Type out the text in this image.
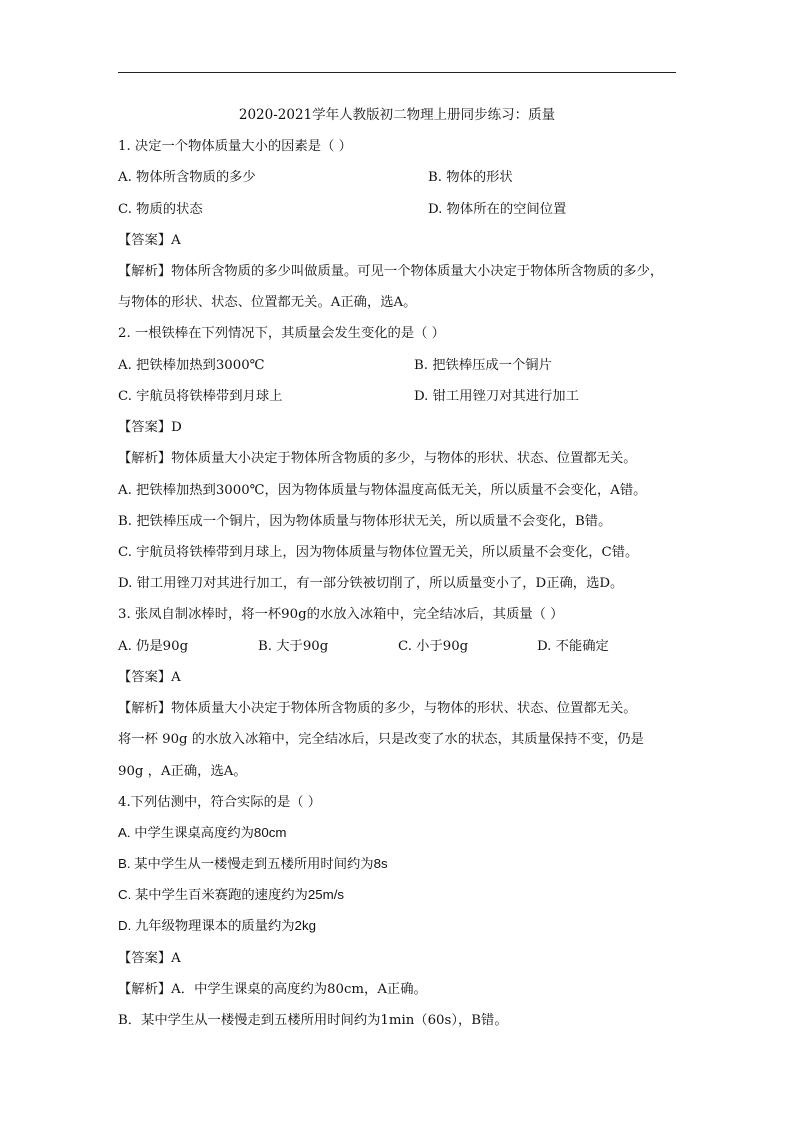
2020-2021学年人教版初二物理上册同步练习：质量
1. 决定一个物体质量大小的因素是（ ）
A. 物体所含物质的多少	B. 物体的形状
C. 物质的状态	D. 物体所在的空间位置
【答案】A
【解析】物体所含物质的多少叫做质量。可见一个物体质量大小决定于物体所含物质的多少，
与物体的形状、状态、位置都无关。A正确，选A。
2. 一根铁棒在下列情况下，其质量会发生变化的是（ ）
A. 把铁棒加热到3000℃	B. 把铁棒压成一个铜片
C. 宇航员将铁棒带到月球上	D. 钳工用锉刀对其进行加工
【答案】D
【解析】物体质量大小决定于物体所含物质的多少，与物体的形状、状态、位置都无关。
A. 把铁棒加热到3000℃，因为物体质量与物体温度高低无关，所以质量不会变化，A错。
B. 把铁棒压成一个铜片，因为物体质量与物体形状无关，所以质量不会变化，B错。
C. 宇航员将铁棒带到月球上，因为物体质量与物体位置无关，所以质量不会变化，C错。
D. 钳工用锉刀对其进行加工，有一部分铁被切削了，所以质量变小了，D正确，选D。
3. 张凤自制冰棒时，将一杯90g的水放入冰箱中，完全结冰后，其质量（ ）
A. 仍是90g	B. 大于90g	C. 小于90g	D. 不能确定
【答案】A
【解析】物体质量大小决定于物体所含物质的多少，与物体的形状、状态、位置都无关。
将一杯 90g 的水放入冰箱中，完全结冰后，只是改变了水的状态，其质量保持不变，仍是
90g ，A正确，选A。
4.下列估测中，符合实际的是（ ）
A. 中学生课桌高度约为80cm
B. 某中学生从一楼慢走到五楼所用时间约为8s
C. 某中学生百米赛跑的速度约为25m/s
D. 九年级物理课本的质量约为2kg
【答案】A
【解析】A．中学生课桌的高度约为80cm，A正确。
B．某中学生从一楼慢走到五楼所用时间约为1min（60s），B错。
